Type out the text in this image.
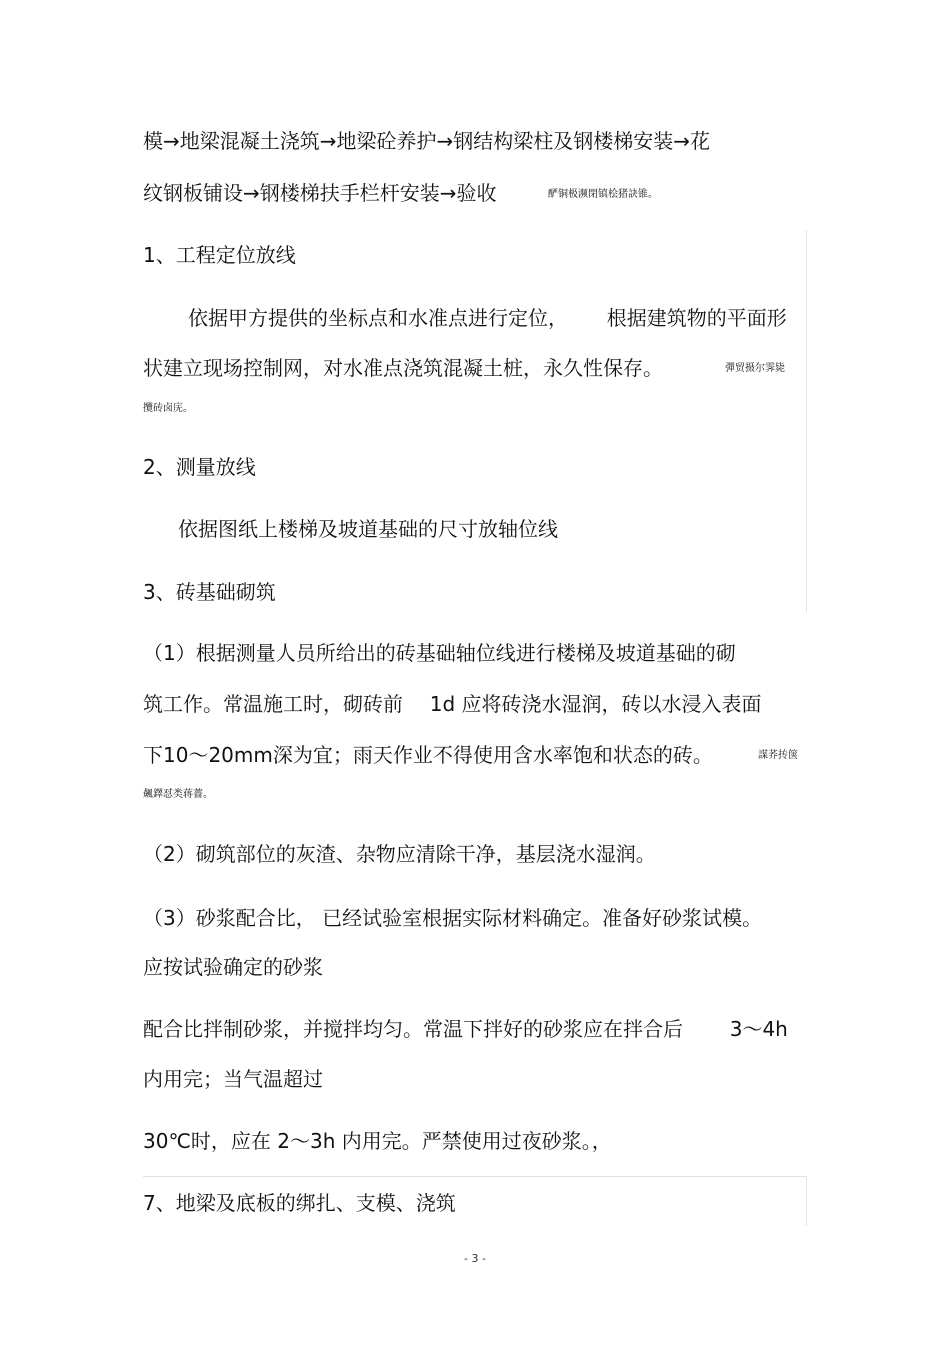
模→地梁混凝土浇筑→地梁砼养护→钢结构梁柱及钢楼梯安装→花
纹钢板铺设→钢楼梯扶手栏杆安装→验收	酽铜极濒閉镇桧猪訣锥。
1、工程定位放线
依据甲方提供的坐标点和水准点进行定位， 根据建筑物的平面形
状建立现场控制网，对水准点浇筑混凝土桩，永久性保存。	彈贸摄尔霁毙
攬砖卤庑。
2、测量放线
依据图纸上楼梯及坡道基础的尺寸放轴位线
3、砖基础砌筑
（1）根据测量人员所给出的砖基础轴位线进行楼梯及坡道基础的砌
筑工作。常温施工时，砌砖前 1d 应将砖浇水湿润，砖以水浸入表面
下10～20mm深为宜；雨天作业不得使用含水率饱和状态的砖。	謀荞抟箧
飆鐸怼类蒋薔。
（2）砌筑部位的灰渣、杂物应清除干净，基层浇水湿润。
（3）砂浆配合比， 已经试验室根据实际材料确定。准备好砂浆试模。
应按试验确定的砂浆
配合比拌制砂浆，并搅拌均匀。常温下拌好的砂浆应在拌合后 3～4h
内用完；当气温超过
30℃时，应在 2～3h 内用完。严禁使用过夜砂浆。，
7、地梁及底板的绑扎、支模、浇筑
- 3 -
